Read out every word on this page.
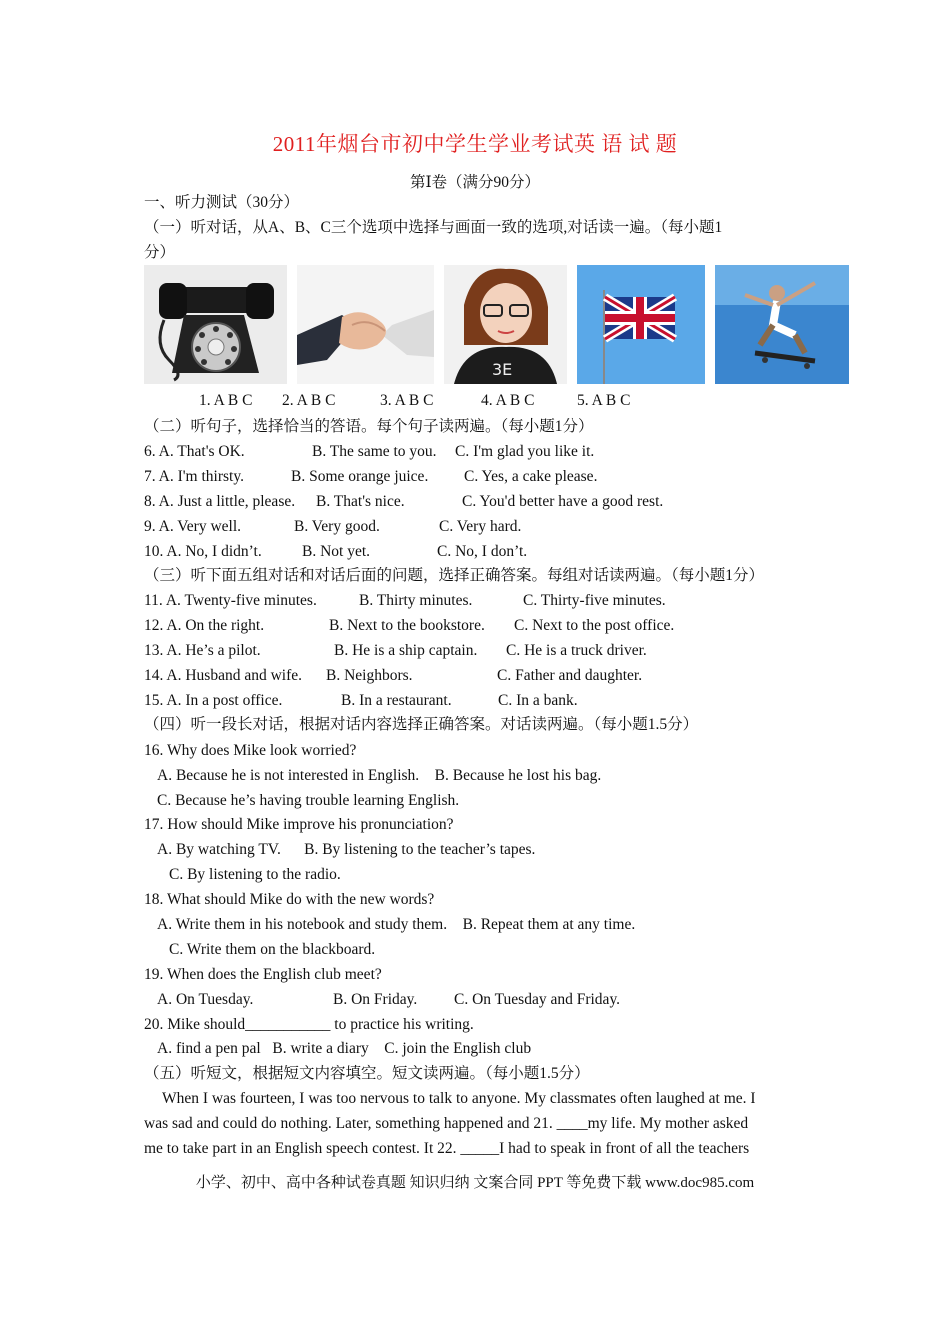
2011年烟台市初中学生学业考试英 语 试 题
第Ⅰ卷（满分90分）
一、听力测试（30分）
（一）听对话，从A、B、C三个选项中选择与画面一致的选项,对话读一遍。（每小题1
分）
3E
1. A B C 2. A B C	3. A B C	4. A B C	5. A B C
（二）听句子，选择恰当的答语。每个句子读两遍。（每小题1分）

6. A. That's OK.

	B. The same to you.

C. I'm glad you like it.

7. A. I'm thirsty.

	B. Some orange juice.

C. Yes, a cake please.

8. A. Just a little, please.

B. That's nice.

	C. You'd better have a good rest.

9. A. Very well.

	B. Very good.

	C. Very hard.

10. A. No, I didn’t.

	B. Not yet.

	C. No, I don’t.

（三）听下面五组对话和对话后面的问题，选择正确答案。每组对话读两遍。（每小题1分）

11. A. Twenty-five minutes.

	B. Thirty minutes.

	C. Thirty-five minutes.

12. A. On the right.

	B. Next to the bookstore.

C. Next to the post office.

13. A. He’s a pilot.

	B. He is a ship captain.

C. He is a truck driver.

14. A. Husband and wife.

B. Neighbors.

	C. Father and daughter.

15. A. In a post office.

	B. In a restaurant.

	C. In a bank.

（四）听一段长对话，根据对话内容选择正确答案。对话读两遍。（每小题1.5分）
16. Why does Mike look worried?
A. Because he is not interested in English.    B. Because he lost his bag.
C. Because he’s having trouble learning English.
17. How should Mike improve his pronunciation?
A. By watching TV.      B. By listening to the teacher’s tapes.
C. By listening to the radio.
18. What should Mike do with the new words?
A. Write them in his notebook and study them.    B. Repeat them at any time.
C. Write them on the blackboard.
19. When does the English club meet?

A. On Tuesday.

	B. On Friday.

C. On Tuesday and Friday.

20. Mike should___________ to practice his writing.
A. find a pen pal   B. write a diary    C. join the English club
（五）听短文，根据短文内容填空。短文读两遍。（每小题1.5分）
When I was fourteen, I was too nervous to talk to anyone. My classmates often laughed at me. I
was sad and could do nothing. Later, something happened and 21. ____my life. My mother asked
me to take part in an English speech contest. It 22. _____I had to speak in front of all the teachers
小学、初中、高中各种试卷真题 知识归纳 文案合同 PPT 等免费下载 www.doc985.com
